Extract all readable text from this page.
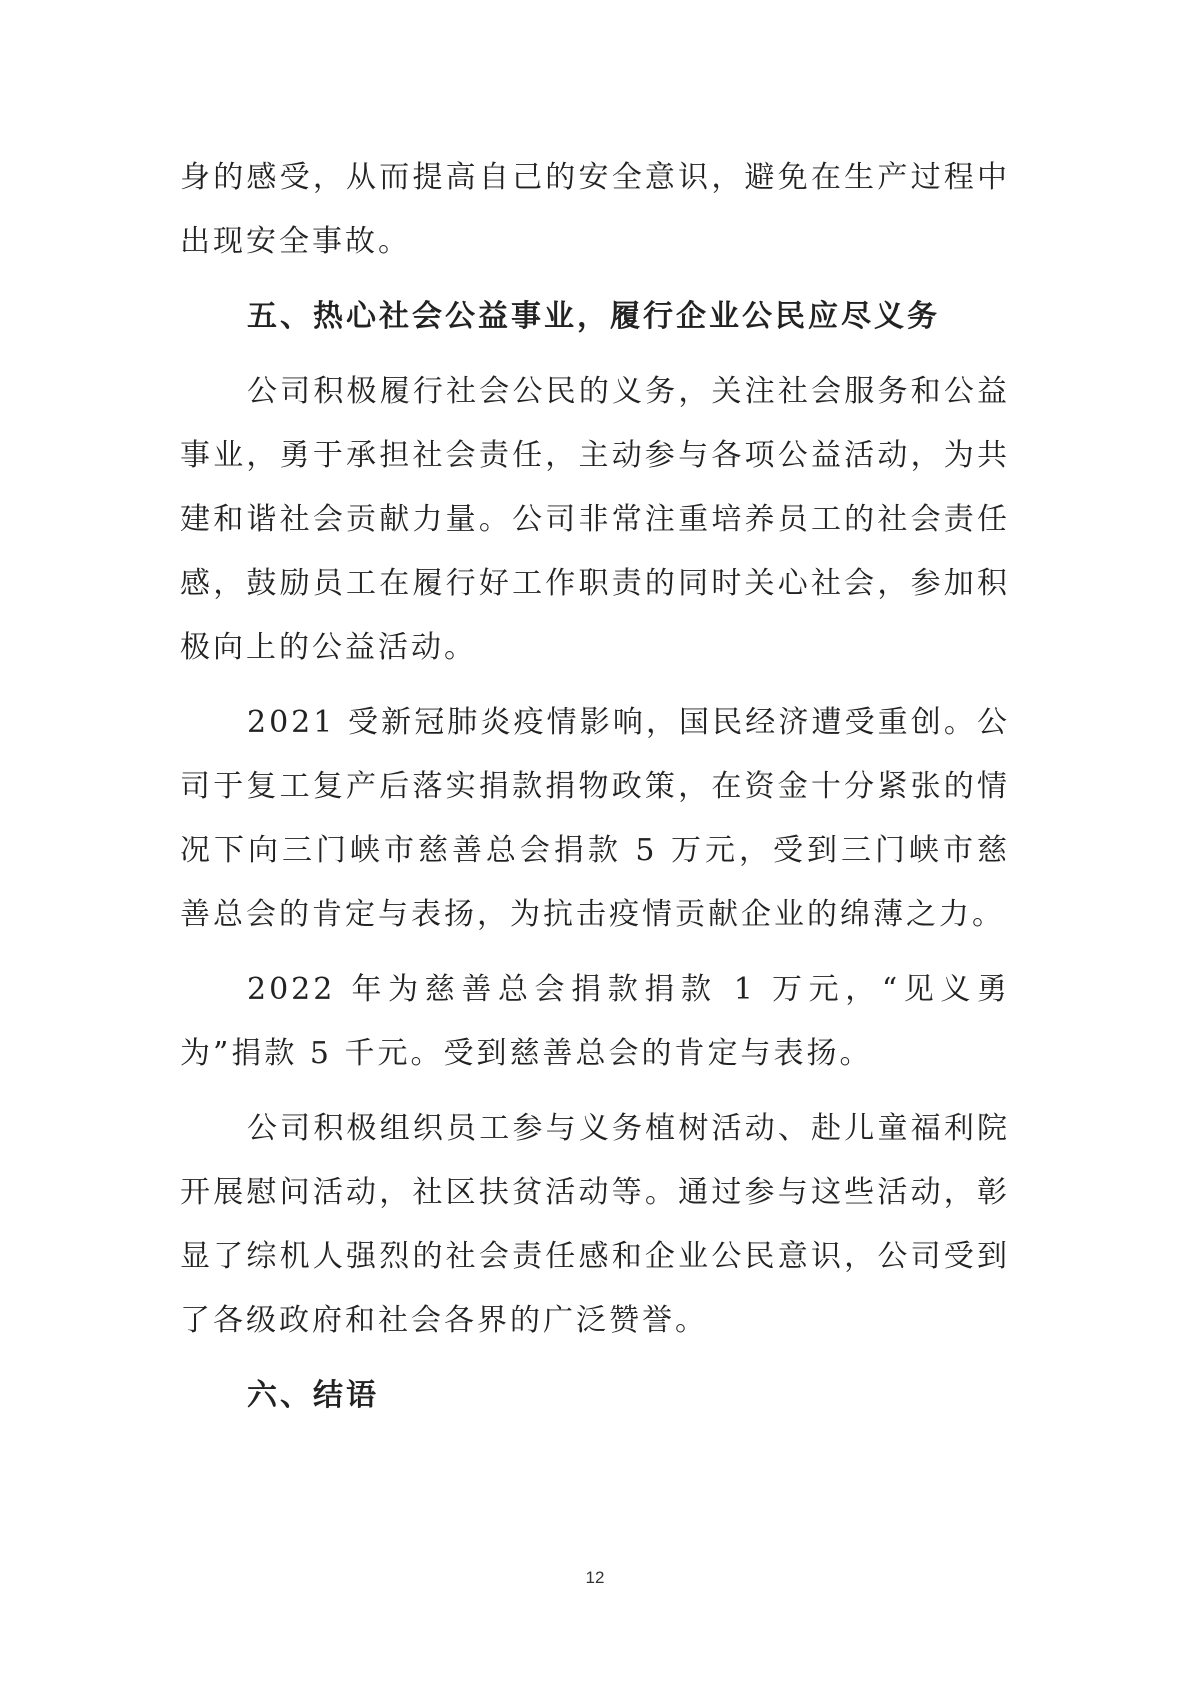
身的感受，从而提高自己的安全意识，避免在生产过程中出现安全事故。

五、热心社会公益事业，履行企业公民应尽义务

公司积极履行社会公民的义务，关注社会服务和公益事业，勇于承担社会责任，主动参与各项公益活动，为共建和谐社会贡献力量。公司非常注重培养员工的社会责任感，鼓励员工在履行好工作职责的同时关心社会，参加积极向上的公益活动。

2021 受新冠肺炎疫情影响，国民经济遭受重创。公司于复工复产后落实捐款捐物政策，在资金十分紧张的情况下向三门峡市慈善总会捐款 5 万元，受到三门峡市慈善总会的肯定与表扬，为抗击疫情贡献企业的绵薄之力。

2022 年为慈善总会捐款捐款 1 万元，“见义勇为”捐款 5 千元。受到慈善总会的肯定与表扬。

公司积极组织员工参与义务植树活动、赴儿童福利院开展慰问活动，社区扶贫活动等。通过参与这些活动，彰显了综机人强烈的社会责任感和企业公民意识，公司受到了各级政府和社会各界的广泛赞誉。

六、结语

12
